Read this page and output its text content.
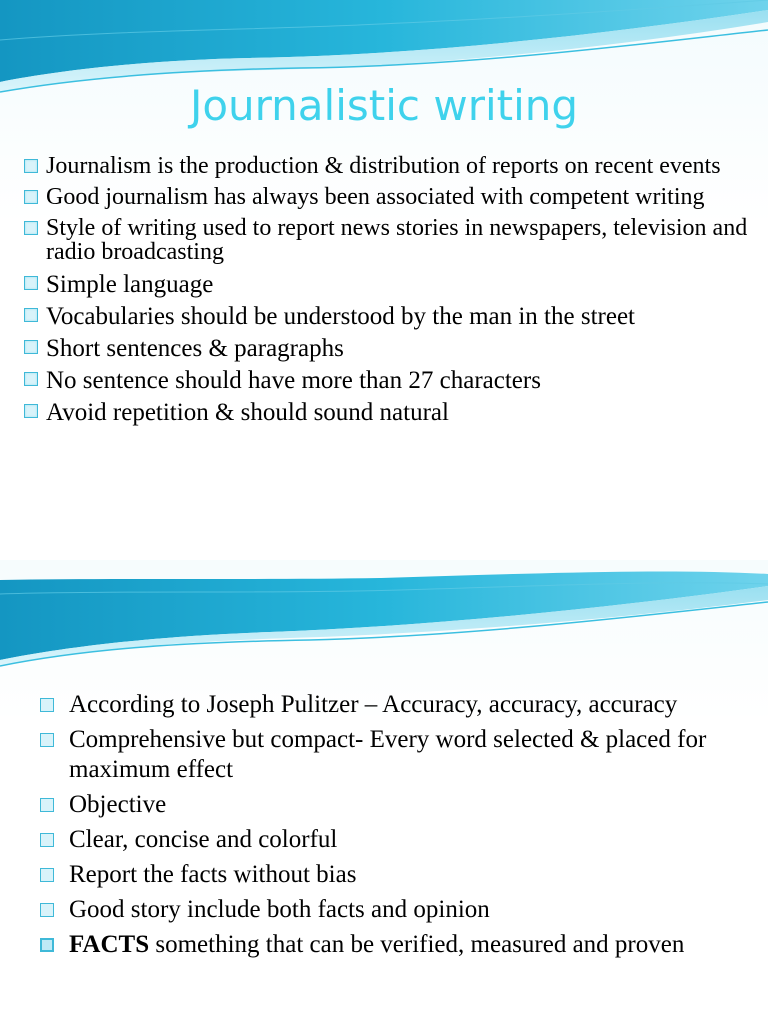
Journalistic writing
Journalism is the production & distribution of reports on recent events
Good journalism has always been associated with competent writing
Style of writing used to report news stories in newspapers, television and radio broadcasting
Simple language
Vocabularies should be understood by the man in the street
Short sentences & paragraphs
No sentence should have more than 27 characters
Avoid repetition & should sound natural
According to Joseph Pulitzer – Accuracy, accuracy, accuracy
Comprehensive but compact- Every word selected & placed for maximum effect
Objective
Clear, concise and colorful
Report the facts without bias
Good story include both facts and opinion
FACTS something that can be verified, measured and proven
